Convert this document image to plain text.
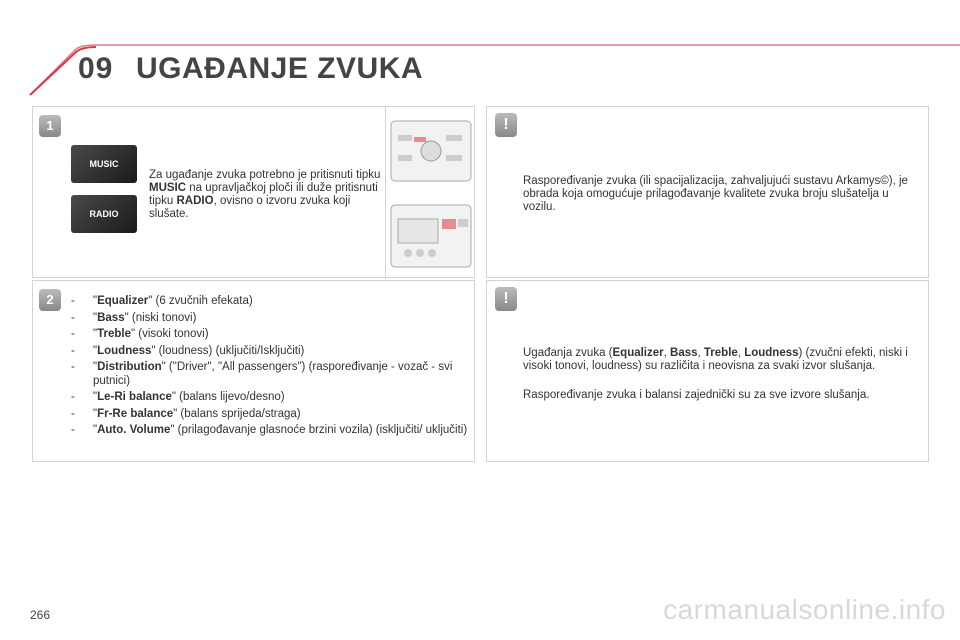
09 UGAĐANJE ZVUKA
1
MUSIC
RADIO
Za ugađanje zvuka potrebno je pritisnuti tipku MUSIC na upravljačkoj ploči ili duže pritisnuti tipku RADIO, ovisno o izvoru zvuka koji slušate.
2	- "Equalizer" (6 zvučnih efekata)
- "Bass" (niski tonovi)
- "Treble" (visoki tonovi)
- "Loudness" (loudness) (uključiti/Isključiti)
- "Distribution" ("Driver", "All passengers") (raspoređivanje - vozač - svi putnici)
- "Le-Ri balance" (balans lijevo/desno)
- "Fr-Re balance" (balans sprijeda/straga)
- "Auto. Volume" (prilagođavanje glasnoće brzini vozila) (isključiti/ uključiti)
!
Raspoređivanje zvuka (ili spacijalizacija, zahvaljujući sustavu Arkamys©), je obrada koja omogućuje prilagođavanje kvalitete zvuka broju slušatelja u vozilu.
!
Ugađanja zvuka (Equalizer, Bass, Treble, Loudness) (zvučni efekti, niski i visoki tonovi, loudness) su različita i neovisna za svaki izvor slušanja.
Raspoređivanje zvuka i balansi zajednički su za sve izvore slušanja.
266	carmanualsonline.info
